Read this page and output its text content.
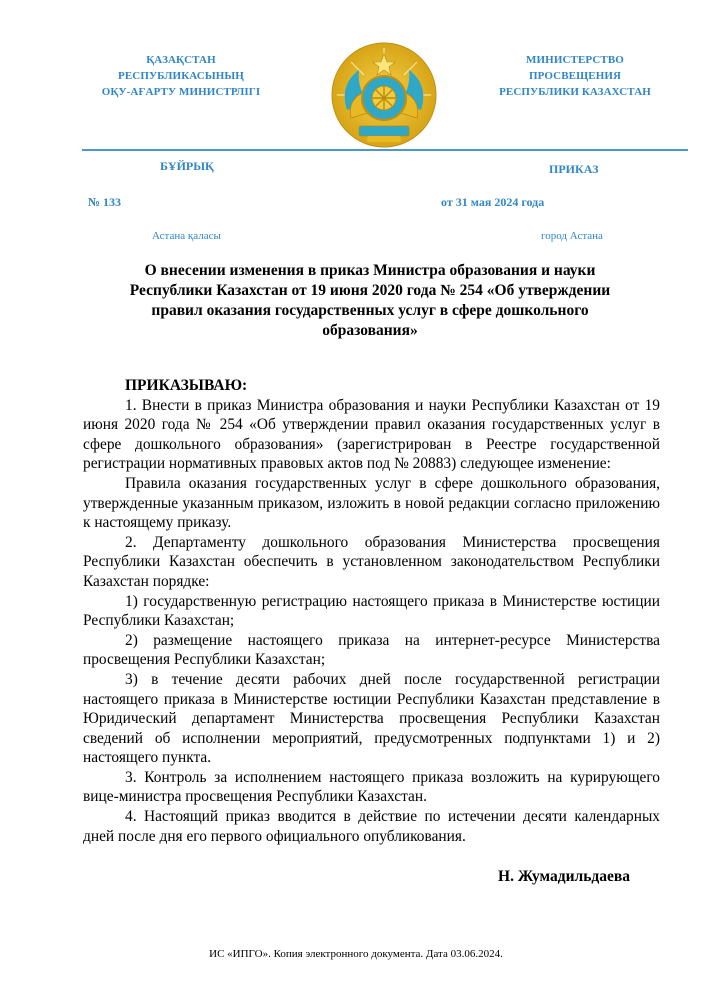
ҚАЗАҚСТАН
РЕСПУБЛИКАСЫНЫҢ
ОҚУ-АҒАРТУ МИНИСТРЛІГІ
МИНИСТЕРСТВО
ПРОСВЕЩЕНИЯ
РЕСПУБЛИКИ КАЗАХСТАН
БҰЙРЫҚ	ПРИКАЗ
№ 133	от 31 мая 2024 года
Астана қаласы	город Астана
О внесении изменения в приказ Министра образования и науки
Республики Казахстан от 19 июня 2020 года № 254 «Об утверждении
правил оказания государственных услуг в сфере дошкольного
образования»

ПРИКАЗЫВАЮ:

1. Внести в приказ Министра образования и науки Республики Казахстан от 19 июня 2020 года № 254 «Об утверждении правил оказания государственных услуг в сфере дошкольного образования» (зарегистрирован в Реестре государственной регистрации нормативных правовых актов под № 20883) следующее изменение:

Правила оказания государственных услуг в сфере дошкольного образования, утвержденные указанным приказом, изложить в новой редакции согласно приложению к настоящему приказу.

2. Департаменту дошкольного образования Министерства просвещения Республики Казахстан обеспечить в установленном законодательством Республики Казахстан порядке:

1) государственную регистрацию настоящего приказа в Министерстве юстиции Республики Казахстан;

2) размещение настоящего приказа на интернет-ресурсе Министерства просвещения Республики Казахстан;

3) в течение десяти рабочих дней после государственной регистрации настоящего приказа в Министерстве юстиции Республики Казахстан представление в Юридический департамент Министерства просвещения Республики Казахстан сведений об исполнении мероприятий, предусмотренных подпунктами 1) и 2) настоящего пункта.

3. Контроль за исполнением настоящего приказа возложить на курирующего вице-министра просвещения Республики Казахстан.

4. Настоящий приказ вводится в действие по истечении десяти календарных дней после дня его первого официального опубликования.

Н. Жумадильдаева
ИС «ИПГО». Копия электронного документа. Дата 03.06.2024.
